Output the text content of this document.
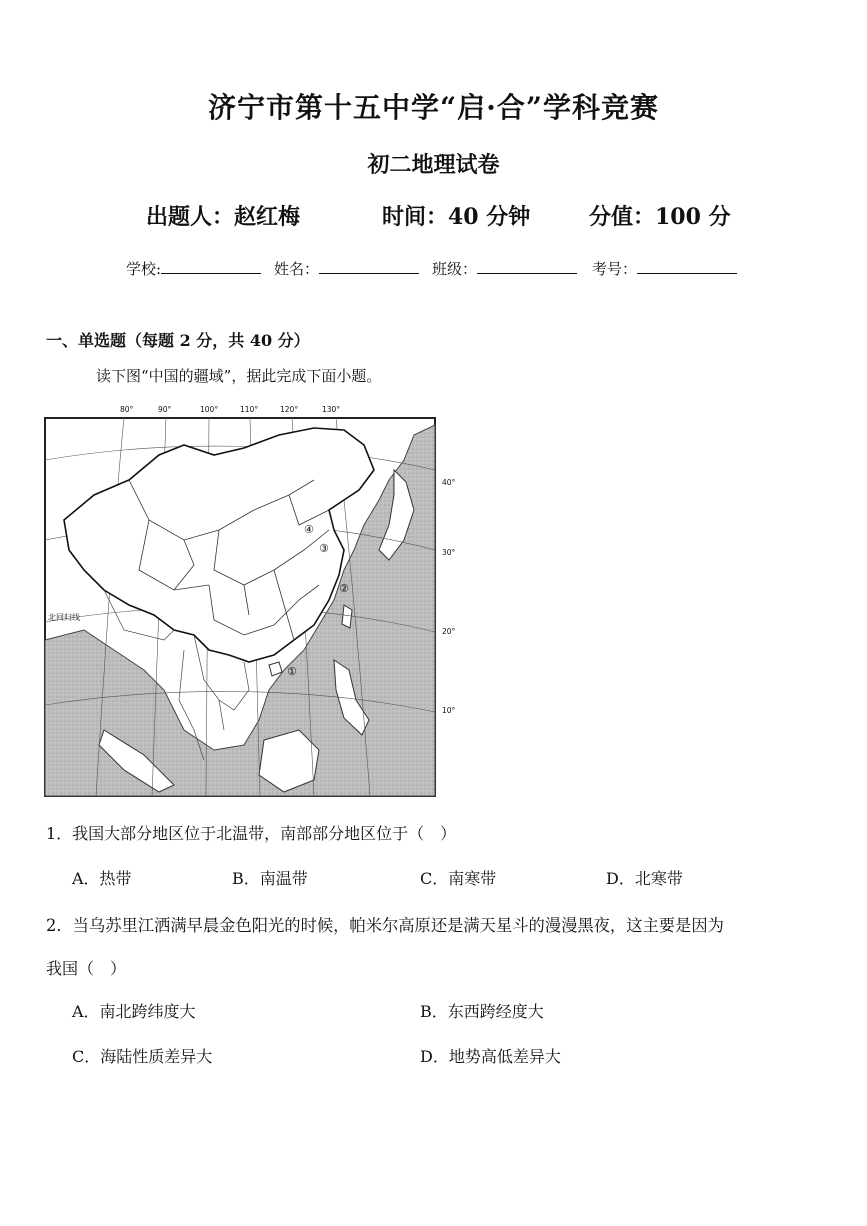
济宁市第十五中学“启·合”学科竞赛
初二地理试卷
出题人：赵红梅	时间：40 分钟	分值：100 分
学校:	姓名：	班级：	考号：
一、单选题（每题 2 分，共 40 分）
读下图“中国的疆域”，据此完成下面小题。
①
②
③
④
80°	90°	100°	110°	120°	130°
40°
30°
20°
10°
北回归线
1．我国大部分地区位于北温带，南部部分地区位于（　）
A．热带	B．南温带	C．南寒带	D．北寒带
2．当乌苏里江洒满早晨金色阳光的时候，帕米尔高原还是满天星斗的漫漫黑夜，这主要是因为
我国（　）
A．南北跨纬度大	B．东西跨经度大
C．海陆性质差异大	D．地势高低差异大
